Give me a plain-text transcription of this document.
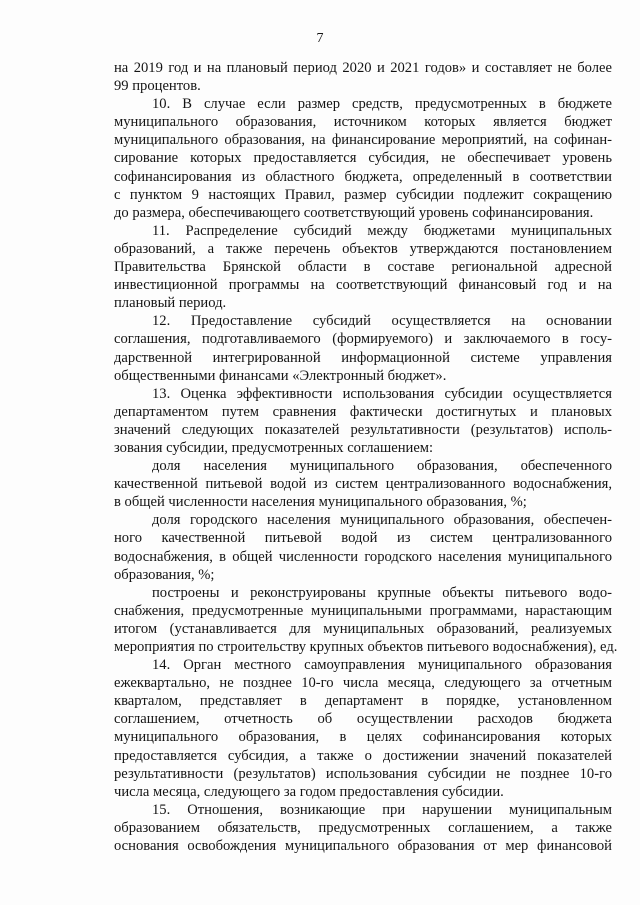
7
на 2019 год и на плановый период 2020 и 2021 годов» и составляет не более
99 процентов.
10. В случае если размер средств, предусмотренных в бюджете
муниципального образования, источником которых является бюджет
муниципального образования, на финансирование мероприятий, на софинан-
сирование которых предоставляется субсидия, не обеспечивает уровень
софинансирования из областного бюджета, определенный в соответствии
с пунктом 9 настоящих Правил, размер субсидии подлежит сокращению
до размера, обеспечивающего соответствующий уровень софинансирования.
11. Распределение субсидий между бюджетами муниципальных
образований, а также перечень объектов утверждаются постановлением
Правительства Брянской области в составе региональной адресной
инвестиционной программы на соответствующий финансовый год и на
плановый период.
12. Предоставление субсидий осуществляется на основании
соглашения, подготавливаемого (формируемого) и заключаемого в госу-
дарственной интегрированной информационной системе управления
общественными финансами «Электронный бюджет».
13. Оценка эффективности использования субсидии осуществляется
департаментом путем сравнения фактически достигнутых и плановых
значений следующих показателей результативности (результатов) исполь-
зования субсидии, предусмотренных соглашением:
доля населения муниципального образования, обеспеченного
качественной питьевой водой из систем централизованного водоснабжения,
в общей численности населения муниципального образования, %;
доля городского населения муниципального образования, обеспечен-
ного качественной питьевой водой из систем централизованного
водоснабжения, в общей численности городского населения муниципального
образования, %;
построены и реконструированы крупные объекты питьевого водо-
снабжения, предусмотренные муниципальными программами, нарастающим
итогом (устанавливается для муниципальных образований, реализуемых
мероприятия по строительству крупных объектов питьевого водоснабжения), ед.
14. Орган местного самоуправления муниципального образования
ежеквартально, не позднее 10-го числа месяца, следующего за отчетным
кварталом, представляет в департамент в порядке, установленном
соглашением, отчетность об осуществлении расходов бюджета
муниципального образования, в целях софинансирования которых
предоставляется субсидия, а также о достижении значений показателей
результативности (результатов) использования субсидии не позднее 10-го
числа месяца, следующего за годом предоставления субсидии.
15. Отношения, возникающие при нарушении муниципальным
образованием обязательств, предусмотренных соглашением, а также
основания освобождения муниципального образования от мер финансовой
